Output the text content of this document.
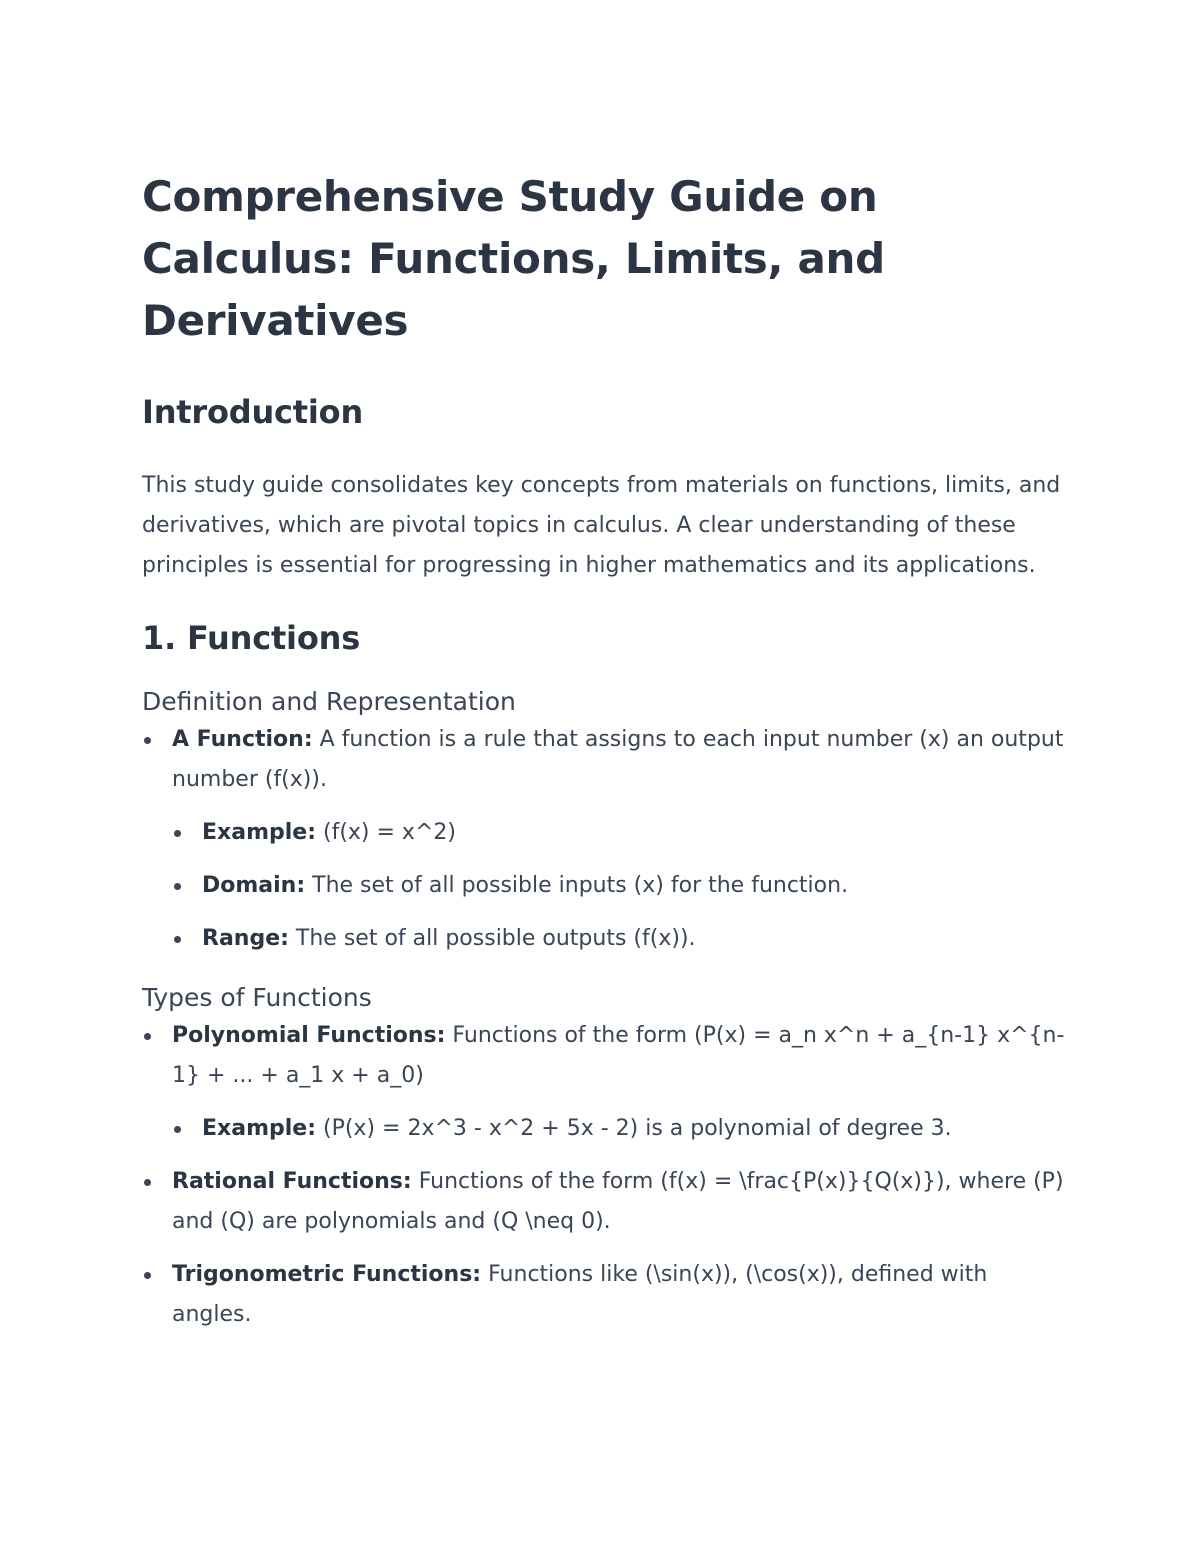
Comprehensive Study Guide on Calculus: Functions, Limits, and Derivatives
Introduction

This study guide consolidates key concepts from materials on functions, limits, and derivatives, which are pivotal topics in calculus. A clear understanding of these principles is essential for progressing in higher mathematics and its applications.

1. Functions
Definition and Representation
A Function: A function is a rule that assigns to each input number (x) an output number (f(x)).
Example: (f(x) = x^2)
Domain: The set of all possible inputs (x) for the function.
Range: The set of all possible outputs (f(x)).
Types of Functions
Polynomial Functions: Functions of the form (P(x) = a_n x^n + a_{n-1} x^{n-1} + ... + a_1 x + a_0)
Example: (P(x) = 2x^3 - x^2 + 5x - 2) is a polynomial of degree 3.
Rational Functions: Functions of the form (f(x) = \frac{P(x)}{Q(x)}), where (P) and (Q) are polynomials and (Q \neq 0).
Trigonometric Functions: Functions like (\sin(x)), (\cos(x)), defined with angles.
